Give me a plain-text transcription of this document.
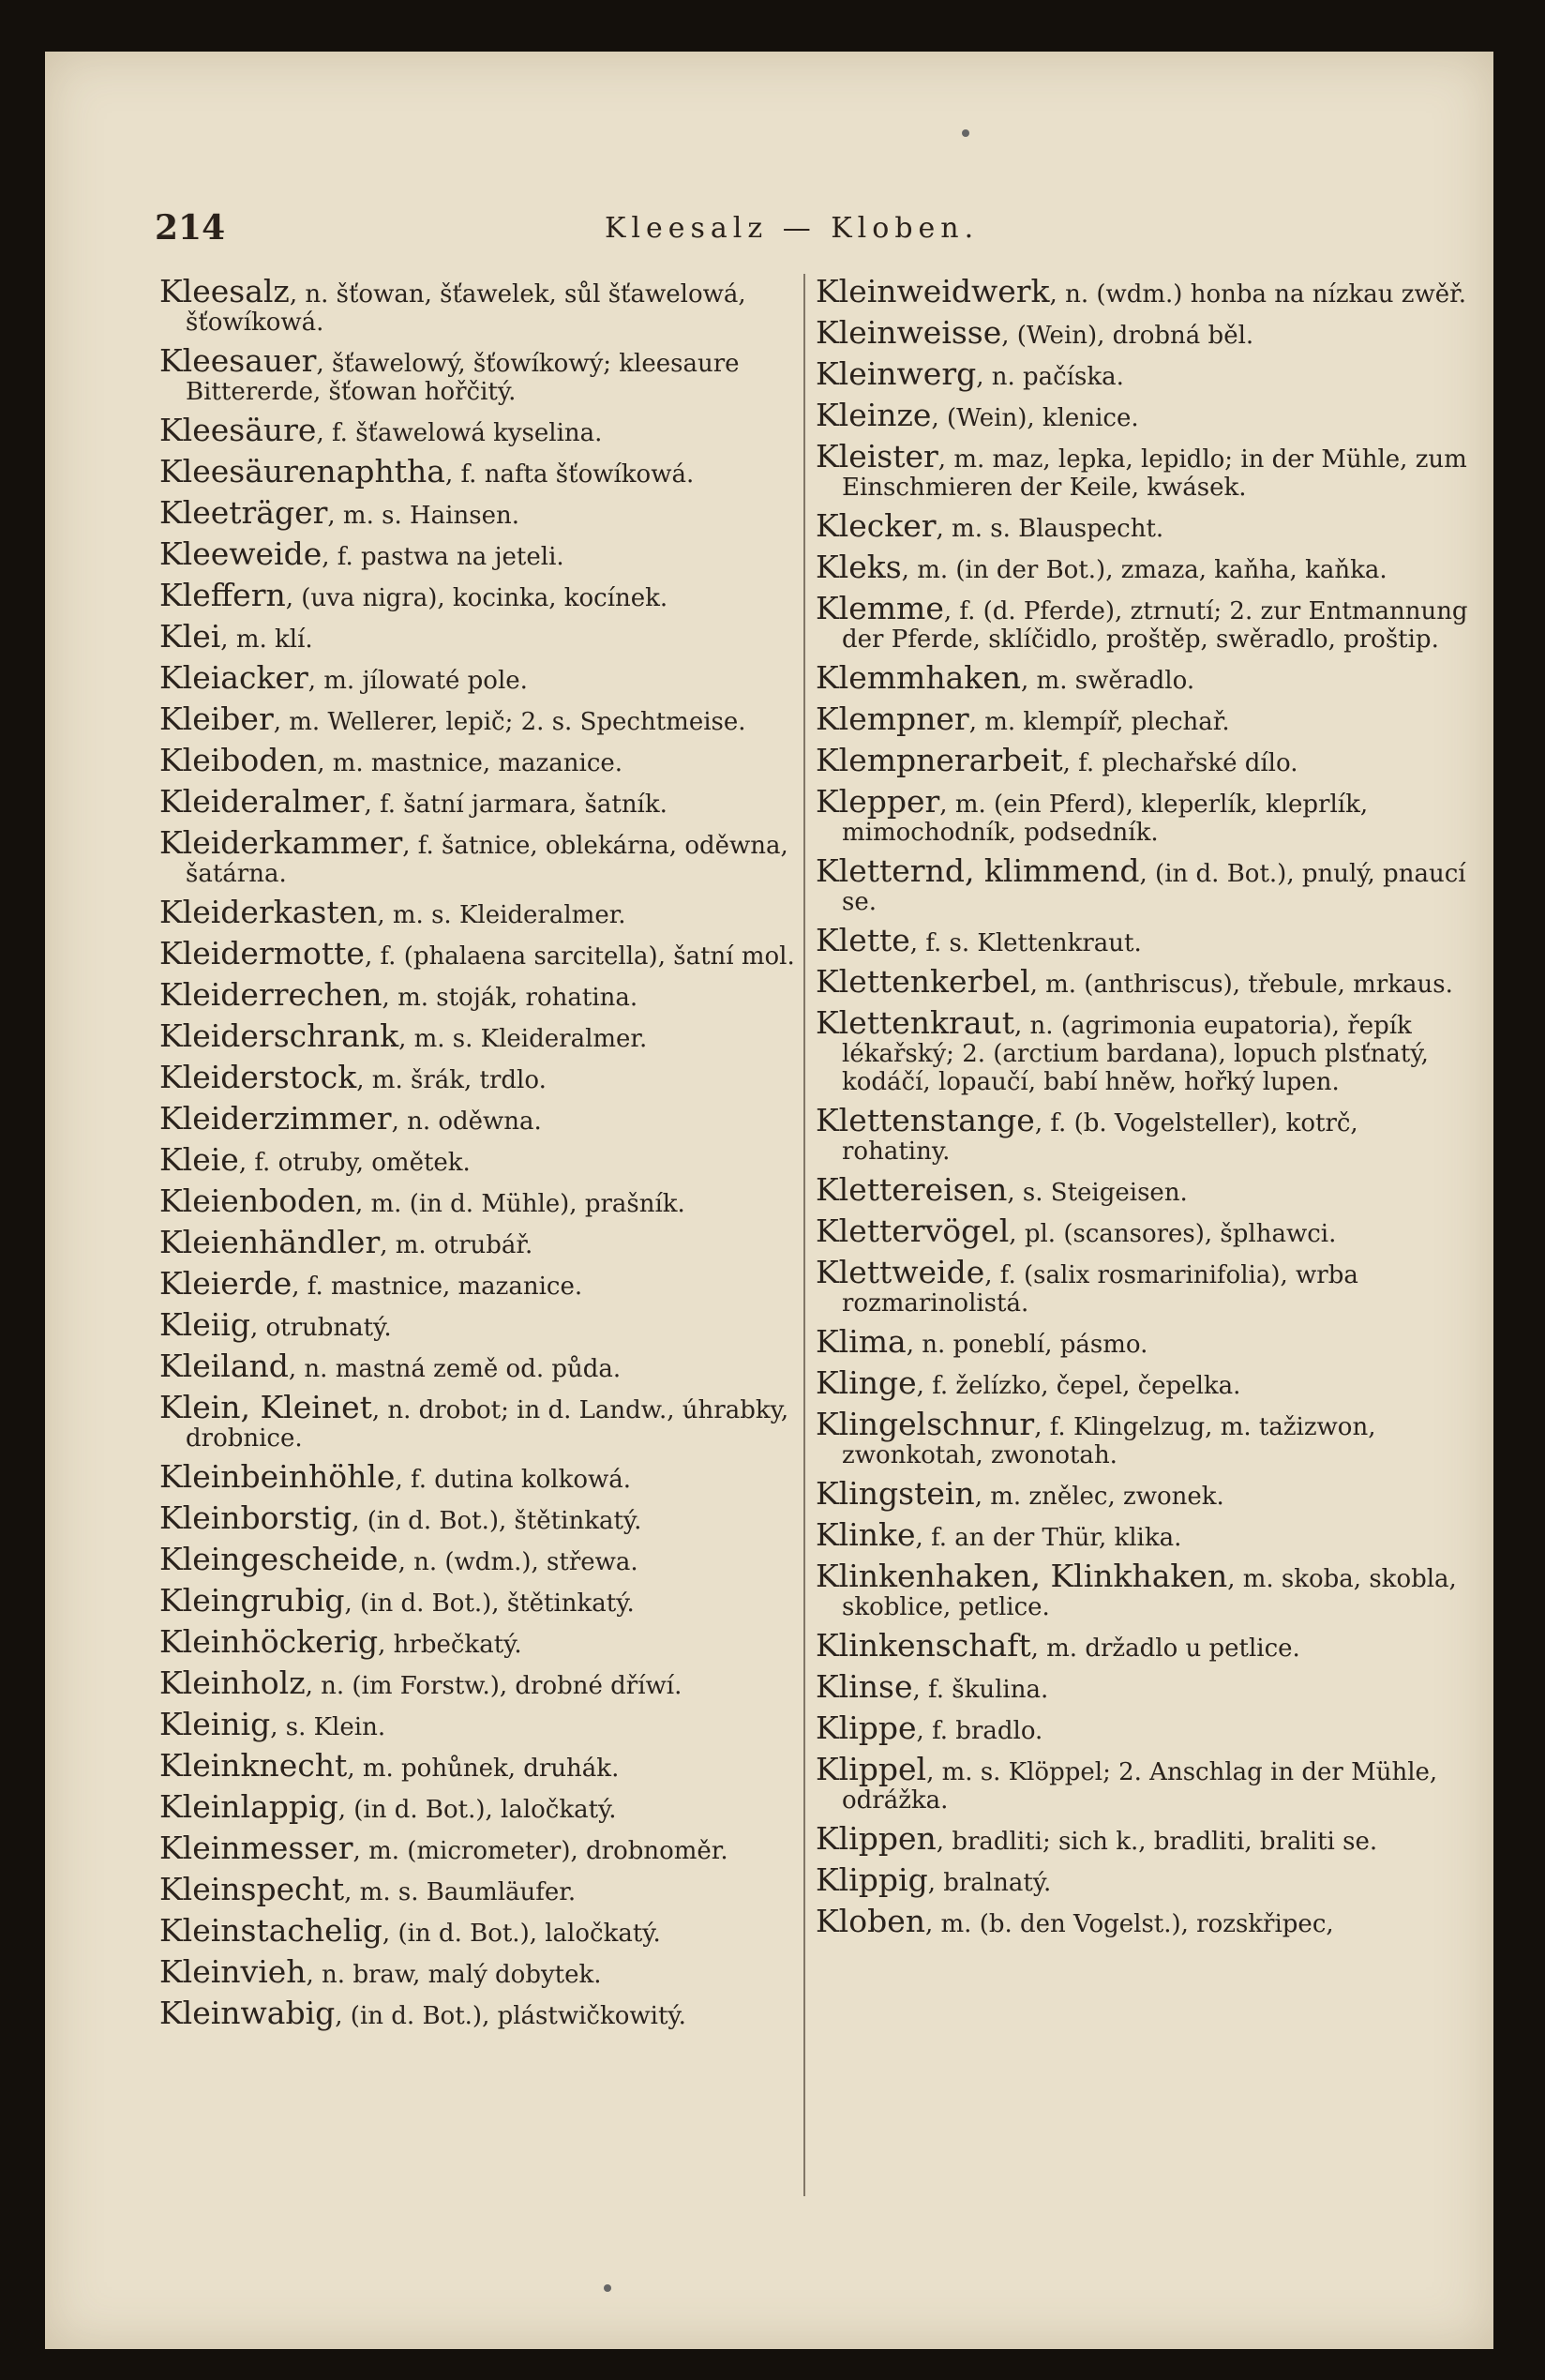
214	Kleesalz — Kloben.
Kleesalz, n. šťowan, šťawelek, sůl šťawelowá, šťowíkowá.
Kleesauer, šťawelowý, šťowíkowý; kleesaure Bittererde, šťowan hořčitý.
Kleesäure, f. šťawelowá kyselina.
Kleesäurenaphtha, f. nafta šťowíkowá.
Kleeträger, m. s. Hainsen.
Kleeweide, f. pastwa na jeteli.
Kleffern, (uva nigra), kocinka, kocínek.
Klei, m. klí.
Kleiacker, m. jílowaté pole.
Kleiber, m. Wellerer, lepič; 2. s. Spechtmeise.
Kleiboden, m. mastnice, mazanice.
Kleideralmer, f. šatní jarmara, šatník.
Kleiderkammer, f. šatnice, oblekárna, oděwna, šatárna.
Kleiderkasten, m. s. Kleideralmer.
Kleidermotte, f. (phalaena sarcitella), šatní mol.
Kleiderrechen, m. stoják, rohatina.
Kleiderschrank, m. s. Kleideralmer.
Kleiderstock, m. šrák, trdlo.
Kleiderzimmer, n. oděwna.
Kleie, f. otruby, omětek.
Kleienboden, m. (in d. Mühle), prašník.
Kleienhändler, m. otrubář.
Kleierde, f. mastnice, mazanice.
Kleiig, otrubnatý.
Kleiland, n. mastná země od. půda.
Klein, Kleinet, n. drobot; in d. Landw., úhrabky, drobnice.
Kleinbeinhöhle, f. dutina kolkowá.
Kleinborstig, (in d. Bot.), štětinkatý.
Kleingescheide, n. (wdm.), střewa.
Kleingrubig, (in d. Bot.), štětinkatý.
Kleinhöckerig, hrbečkatý.
Kleinholz, n. (im Forstw.), drobné dříwí.
Kleinig, s. Klein.
Kleinknecht, m. pohůnek, druhák.
Kleinlappig, (in d. Bot.), laločkatý.
Kleinmesser, m. (micrometer), drobnoměr.
Kleinspecht, m. s. Baumläufer.
Kleinstachelig, (in d. Bot.), laločkatý.
Kleinvieh, n. braw, malý dobytek.
Kleinwabig, (in d. Bot.), plástwičkowitý.
Kleinweidwerk, n. (wdm.) honba na nízkau zwěř.
Kleinweisse, (Wein), drobná běl.
Kleinwerg, n. pačíska.
Kleinze, (Wein), klenice.
Kleister, m. maz, lepka, lepidlo; in der Mühle, zum Einschmieren der Keile, kwásek.
Klecker, m. s. Blauspecht.
Kleks, m. (in der Bot.), zmaza, kaňha, kaňka.
Klemme, f. (d. Pferde), ztrnutí; 2. zur Entmannung der Pferde, sklíčidlo, proštěp, swěradlo, proštip.
Klemmhaken, m. swěradlo.
Klempner, m. klempíř, plechař.
Klempnerarbeit, f. plechařské dílo.
Klepper, m. (ein Pferd), kleperlík, kleprlík, mimochodník, podsedník.
Kletternd, klimmend, (in d. Bot.), pnulý, pnaucí se.
Klette, f. s. Klettenkraut.
Klettenkerbel, m. (anthriscus), třebule, mrkaus.
Klettenkraut, n. (agrimonia eupatoria), řepík lékařský; 2. (arctium bardana), lopuch plsťnatý, kodáčí, lopaučí, babí hněw, hořký lupen.
Klettenstange, f. (b. Vogelsteller), kotrč, rohatiny.
Klettereisen, s. Steigeisen.
Klettervögel, pl. (scansores), šplhawci.
Klettweide, f. (salix rosmarinifolia), wrba rozmarinolistá.
Klima, n. poneblí, pásmo.
Klinge, f. želízko, čepel, čepelka.
Klingelschnur, f. Klingelzug, m. tažizwon, zwonkotah, zwonotah.
Klingstein, m. znělec, zwonek.
Klinke, f. an der Thür, klika.
Klinkenhaken, Klinkhaken, m. skoba, skobla, skoblice, petlice.
Klinkenschaft, m. držadlo u petlice.
Klinse, f. škulina.
Klippe, f. bradlo.
Klippel, m. s. Klöppel; 2. Anschlag in der Mühle, odrážka.
Klippen, bradliti; sich k., bradliti, braliti se.
Klippig, bralnatý.
Kloben, m. (b. den Vogelst.), rozskřipec,
